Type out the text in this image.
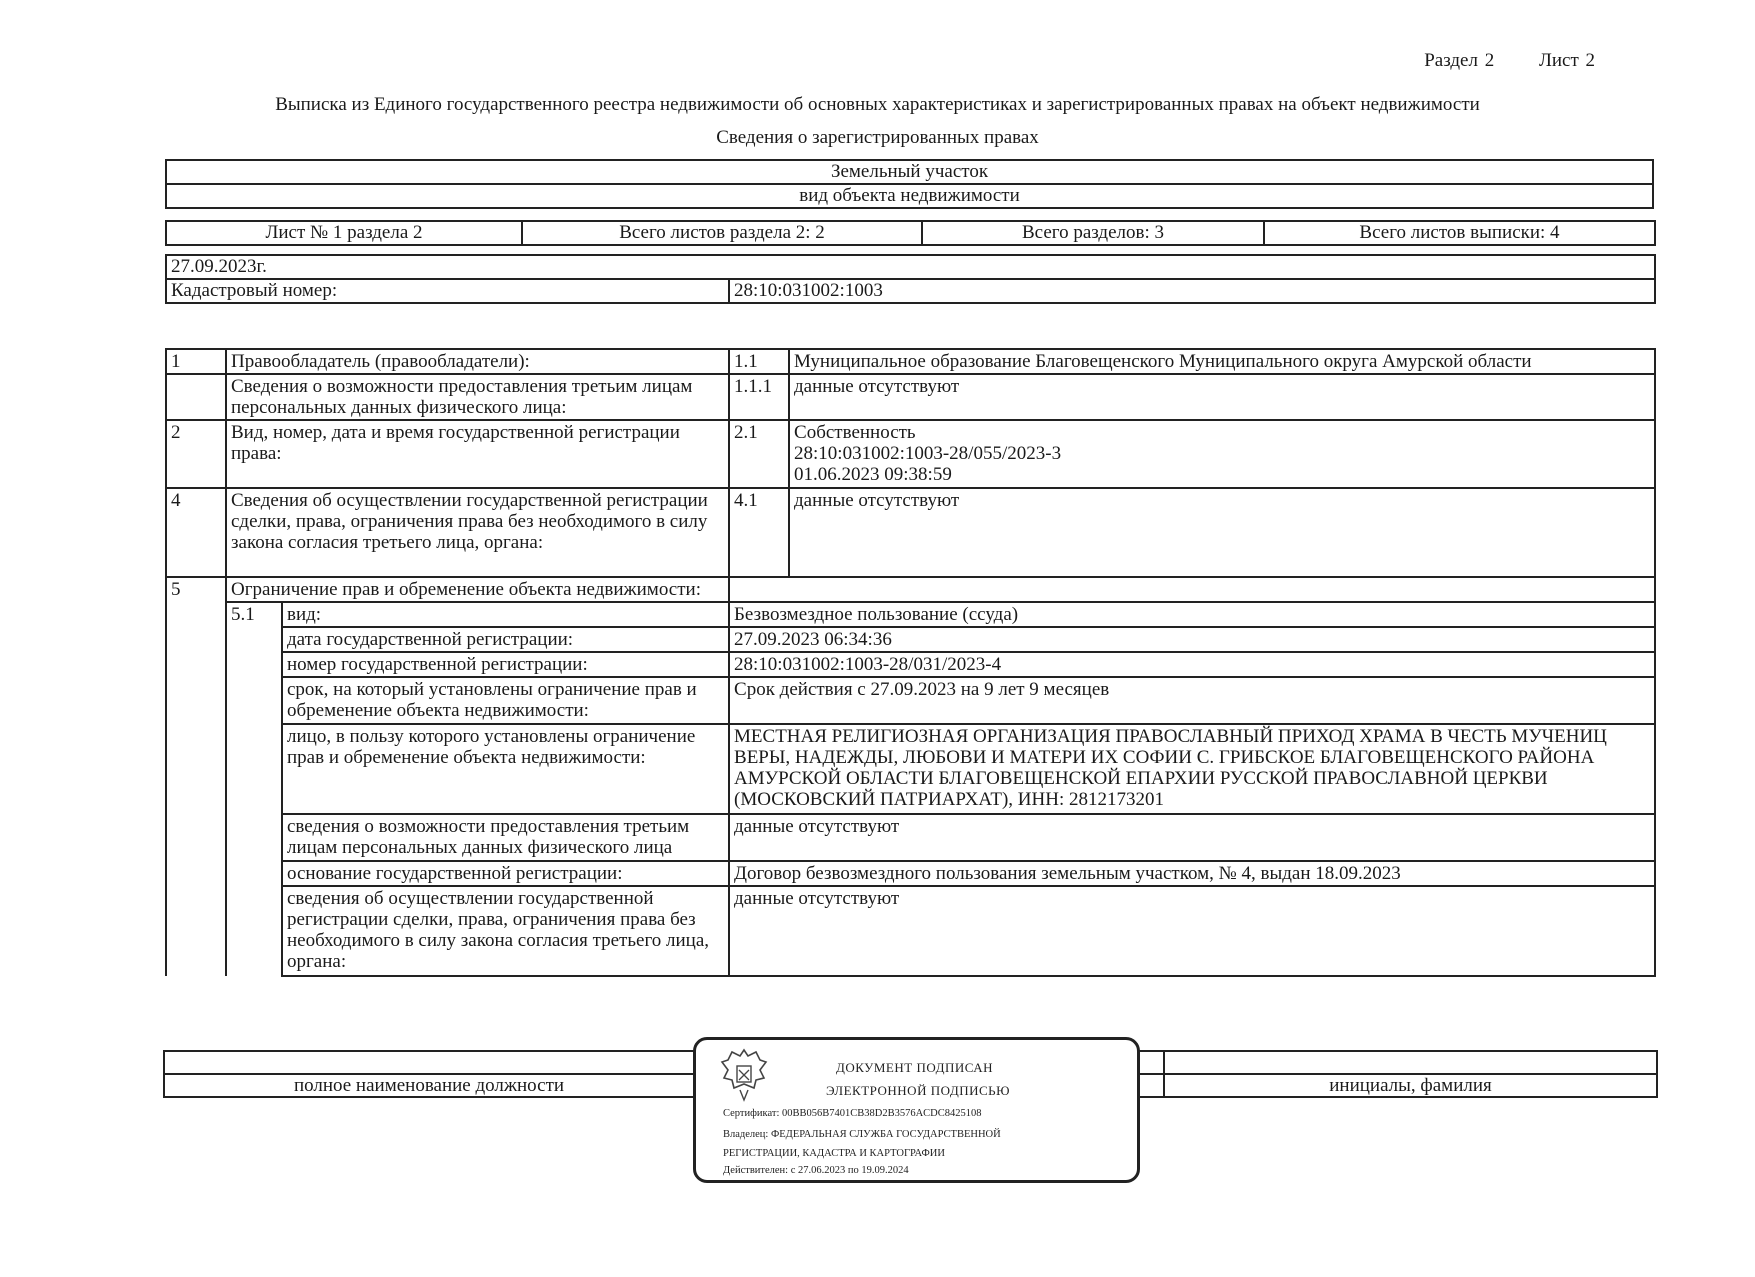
Раздел 2 Лист 2
Выписка из Единого государственного реестра недвижимости об основных характеристиках и зарегистрированных правах на объект недвижимости
Сведения о зарегистрированных правах
Земельный участок
вид объекта недвижимости
Лист № 1 раздела 2	Всего листов раздела 2: 2	Всего разделов: 3	Всего листов выписки: 4
27.09.2023г.
Кадастровый номер:	28:10:031002:1003
1	Правообладатель (правообладатели):		1.1	Муниципальное образование Благовещенского Муниципального округа Амурской области
	Сведения о возможности предоставления третьим лицам персональных данных физического лица:		1.1.1	данные отсутствуют
2	Вид, номер, дата и время государственной регистрации права:		2.1	Собственность
28:10:031002:1003-28/055/2023-3
01.06.2023 09:38:59

4	Сведения об осуществлении государственной регистрации сделки, права, ограничения права без необходимого в силу закона согласия третьего лица, органа:		4.1	данные отсутствуют
5	Ограничение прав и обременение объекта недвижимости:			
	5.1	вид:	Безвозмездное пользование (ссуда)	
		дата государственной регистрации:	27.09.2023 06:34:36	
		номер государственной регистрации:	28:10:031002:1003-28/031/2023-4	
		срок, на который установлены ограничение прав и обременение объекта недвижимости:	Срок действия с 27.09.2023 на 9 лет 9 месяцев	
		лицо, в пользу которого установлены ограничение прав и обременение объекта недвижимости:	МЕСТНАЯ РЕЛИГИОЗНАЯ ОРГАНИЗАЦИЯ ПРАВОСЛАВНЫЙ ПРИХОД ХРАМА В ЧЕСТЬ МУЧЕНИЦ ВЕРЫ, НАДЕЖДЫ, ЛЮБОВИ И МАТЕРИ ИХ СОФИИ С. ГРИБСКОЕ БЛАГОВЕЩЕНСКОГО РАЙОНА АМУРСКОЙ ОБЛАСТИ БЛАГОВЕЩЕНСКОЙ ЕПАРХИИ РУССКОЙ ПРАВОСЛАВНОЙ ЦЕРКВИ (МОСКОВСКИЙ ПАТРИАРХАТ), ИНН: 2812173201	
		сведения о возможности предоставления третьим лицам персональных данных физического лица	данные отсутствуют	
		основание государственной регистрации:	Договор безвозмездного пользования земельным участком, № 4, выдан 18.09.2023	
		сведения об осуществлении государственной регистрации сделки, права, ограничения права без необходимого в силу закона согласия третьего лица, органа:	данные отсутствуют	

полное наименование должности		инициалы, фамилия
ДОКУМЕНТ ПОДПИСАН
ЭЛЕКТРОННОЙ ПОДПИСЬЮ
Сертификат: 00BB056B7401CB38D2B3576ACDC8425108
Владелец: ФЕДЕРАЛЬНАЯ СЛУЖБА ГОСУДАРСТВЕННОЙ
РЕГИСТРАЦИИ, КАДАСТРА И КАРТОГРАФИИ
Действителен: с 27.06.2023 по 19.09.2024
